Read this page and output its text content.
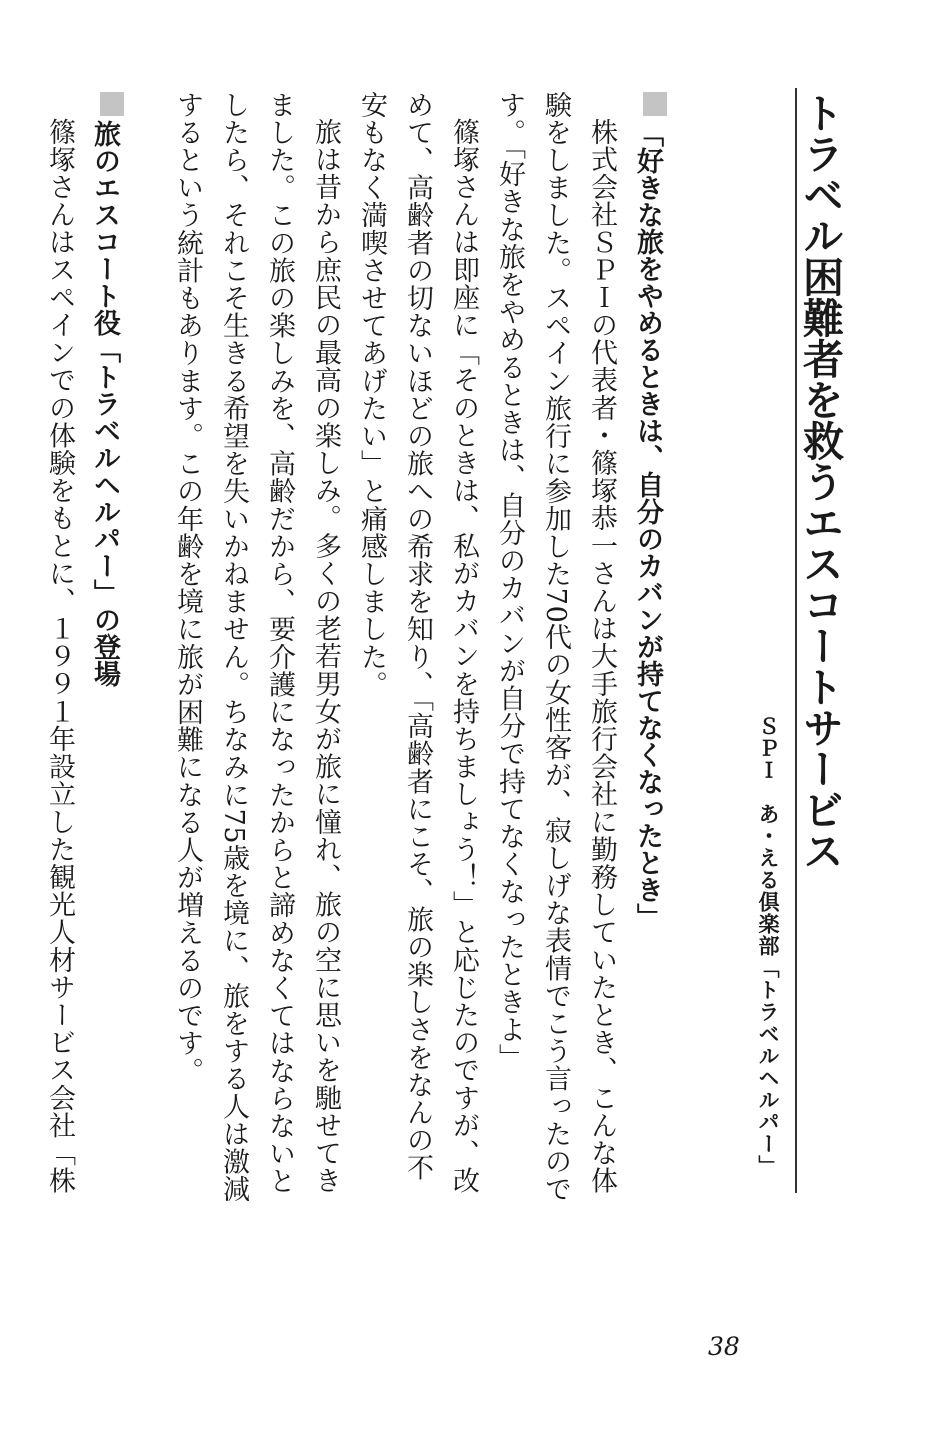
トラベル困難者を救うエスコートサービス
ＳＰＩ　あ・える倶楽部「トラベルヘルパー」
「好きな旅をやめるときは、自分のカバンが持てなくなったとき」

株式会社ＳＰＩの代表者・篠塚恭一さんは大手旅行会社に勤務していたとき、こんな体

験をしました。スペイン旅行に参加した70代の女性客が、寂しげな表情でこう言ったので

す。「好きな旅をやめるときは、自分のカバンが自分で持てなくなったときよ」

篠塚さんは即座に「そのときは、私がカバンを持ちましょう！」と応じたのですが、改

めて、高齢者の切ないほどの旅への希求を知り、「高齢者にこそ、旅の楽しさをなんの不

安もなく満喫させてあげたい」と痛感しました。

旅は昔から庶民の最高の楽しみ。多くの老若男女が旅に憧れ、旅の空に思いを馳せてき

ました。この旅の楽しみを、高齢だから、要介護になったからと諦めなくてはならないと

したら、それこそ生きる希望を失いかねません。ちなみに75歳を境に、旅をする人は激減

するという統計もあります。この年齢を境に旅が困難になる人が増えるのです。

旅のエスコート役「トラベルヘルパー」の登場

篠塚さんはスペインでの体験をもとに、１９９１年設立した観光人材サービス会社「株

38
